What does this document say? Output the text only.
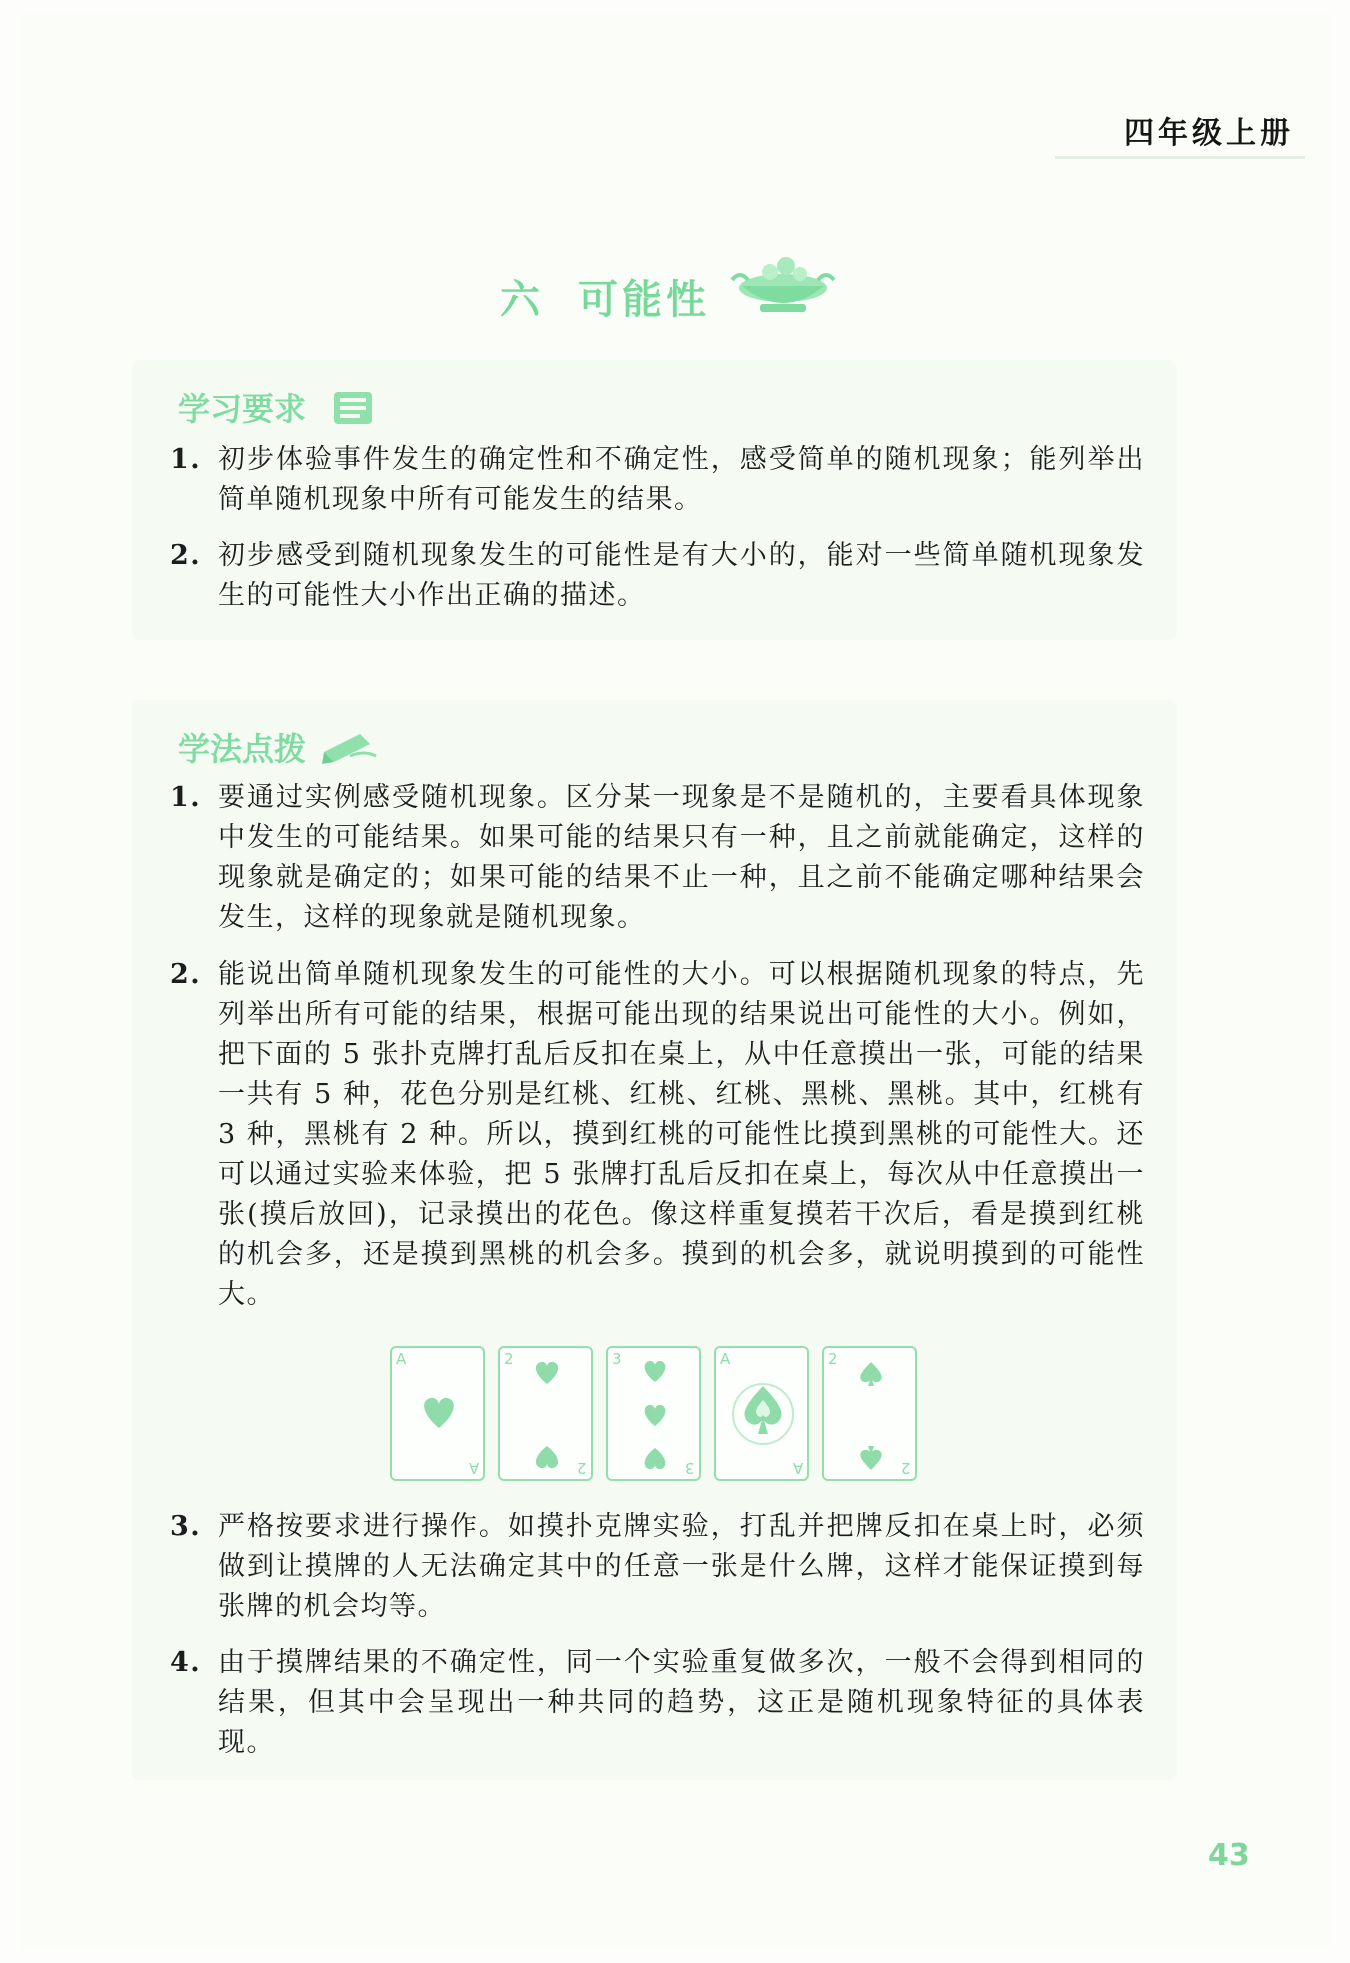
四年级上册
六 可能性
学习要求
1. 初步体验事件发生的确定性和不确定性，感受简单的随机现象；能列举出简单随机现象中所有可能发生的结果。
2. 初步感受到随机现象发生的可能性是有大小的，能对一些简单随机现象发生的可能性大小作出正确的描述。
学法点拨
1. 要通过实例感受随机现象。区分某一现象是不是随机的，主要看具体现象中发生的可能结果。如果可能的结果只有一种，且之前就能确定，这样的现象就是确定的；如果可能的结果不止一种，且之前不能确定哪种结果会发生，这样的现象就是随机现象。
2. 能说出简单随机现象发生的可能性的大小。可以根据随机现象的特点，先列举出所有可能的结果，根据可能出现的结果说出可能性的大小。例如，把下面的 5 张扑克牌打乱后反扣在桌上，从中任意摸出一张，可能的结果一共有 5 种，花色分别是红桃、红桃、红桃、黑桃、黑桃。其中，红桃有 3 种，黑桃有 2 种。所以，摸到红桃的可能性比摸到黑桃的可能性大。还可以通过实验来体验，把 5 张牌打乱后反扣在桌上，每次从中任意摸出一张(摸后放回)，记录摸出的花色。像这样重复摸若干次后，看是摸到红桃的机会多，还是摸到黑桃的机会多。摸到的机会多，就说明摸到的可能性大。
A
A
2
2
3
3
A
A
2
2
3. 严格按要求进行操作。如摸扑克牌实验，打乱并把牌反扣在桌上时，必须做到让摸牌的人无法确定其中的任意一张是什么牌，这样才能保证摸到每张牌的机会均等。
4. 由于摸牌结果的不确定性，同一个实验重复做多次，一般不会得到相同的结果，但其中会呈现出一种共同的趋势，这正是随机现象特征的具体表现。
43
